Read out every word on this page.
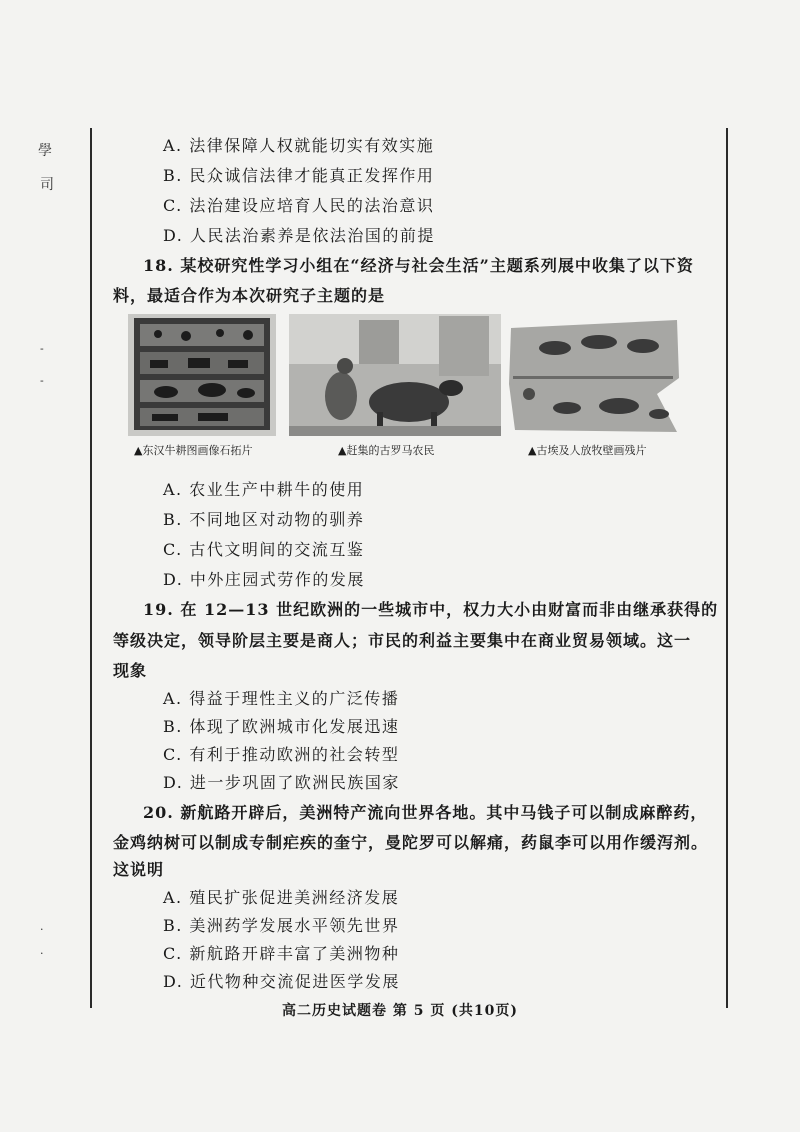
學
司
-
-
.
.
A. 法律保障人权就能切实有效实施
B. 民众诚信法律才能真正发挥作用
C. 法治建设应培育人民的法治意识
D. 人民法治素养是依法治国的前提
18. 某校研究性学习小组在“经济与社会生活”主题系列展中收集了以下资
料，最适合作为本次研究子主题的是
▲东汉牛耕图画像石拓片	▲赶集的古罗马农民	▲古埃及人放牧壁画残片
A. 农业生产中耕牛的使用
B. 不同地区对动物的驯养
C. 古代文明间的交流互鉴
D. 中外庄园式劳作的发展
19. 在 12—13 世纪欧洲的一些城市中，权力大小由财富而非由继承获得的
等级决定，领导阶层主要是商人；市民的利益主要集中在商业贸易领域。这一
现象
A. 得益于理性主义的广泛传播
B. 体现了欧洲城市化发展迅速
C. 有利于推动欧洲的社会转型
D. 进一步巩固了欧洲民族国家
20. 新航路开辟后，美洲特产流向世界各地。其中马钱子可以制成麻醉药，
金鸡纳树可以制成专制疟疾的奎宁，曼陀罗可以解痛，药鼠李可以用作缓泻剂。
这说明
A. 殖民扩张促进美洲经济发展
B. 美洲药学发展水平领先世界
C. 新航路开辟丰富了美洲物种
D. 近代物种交流促进医学发展
高二历史试题卷 第 5 页 (共10页)
